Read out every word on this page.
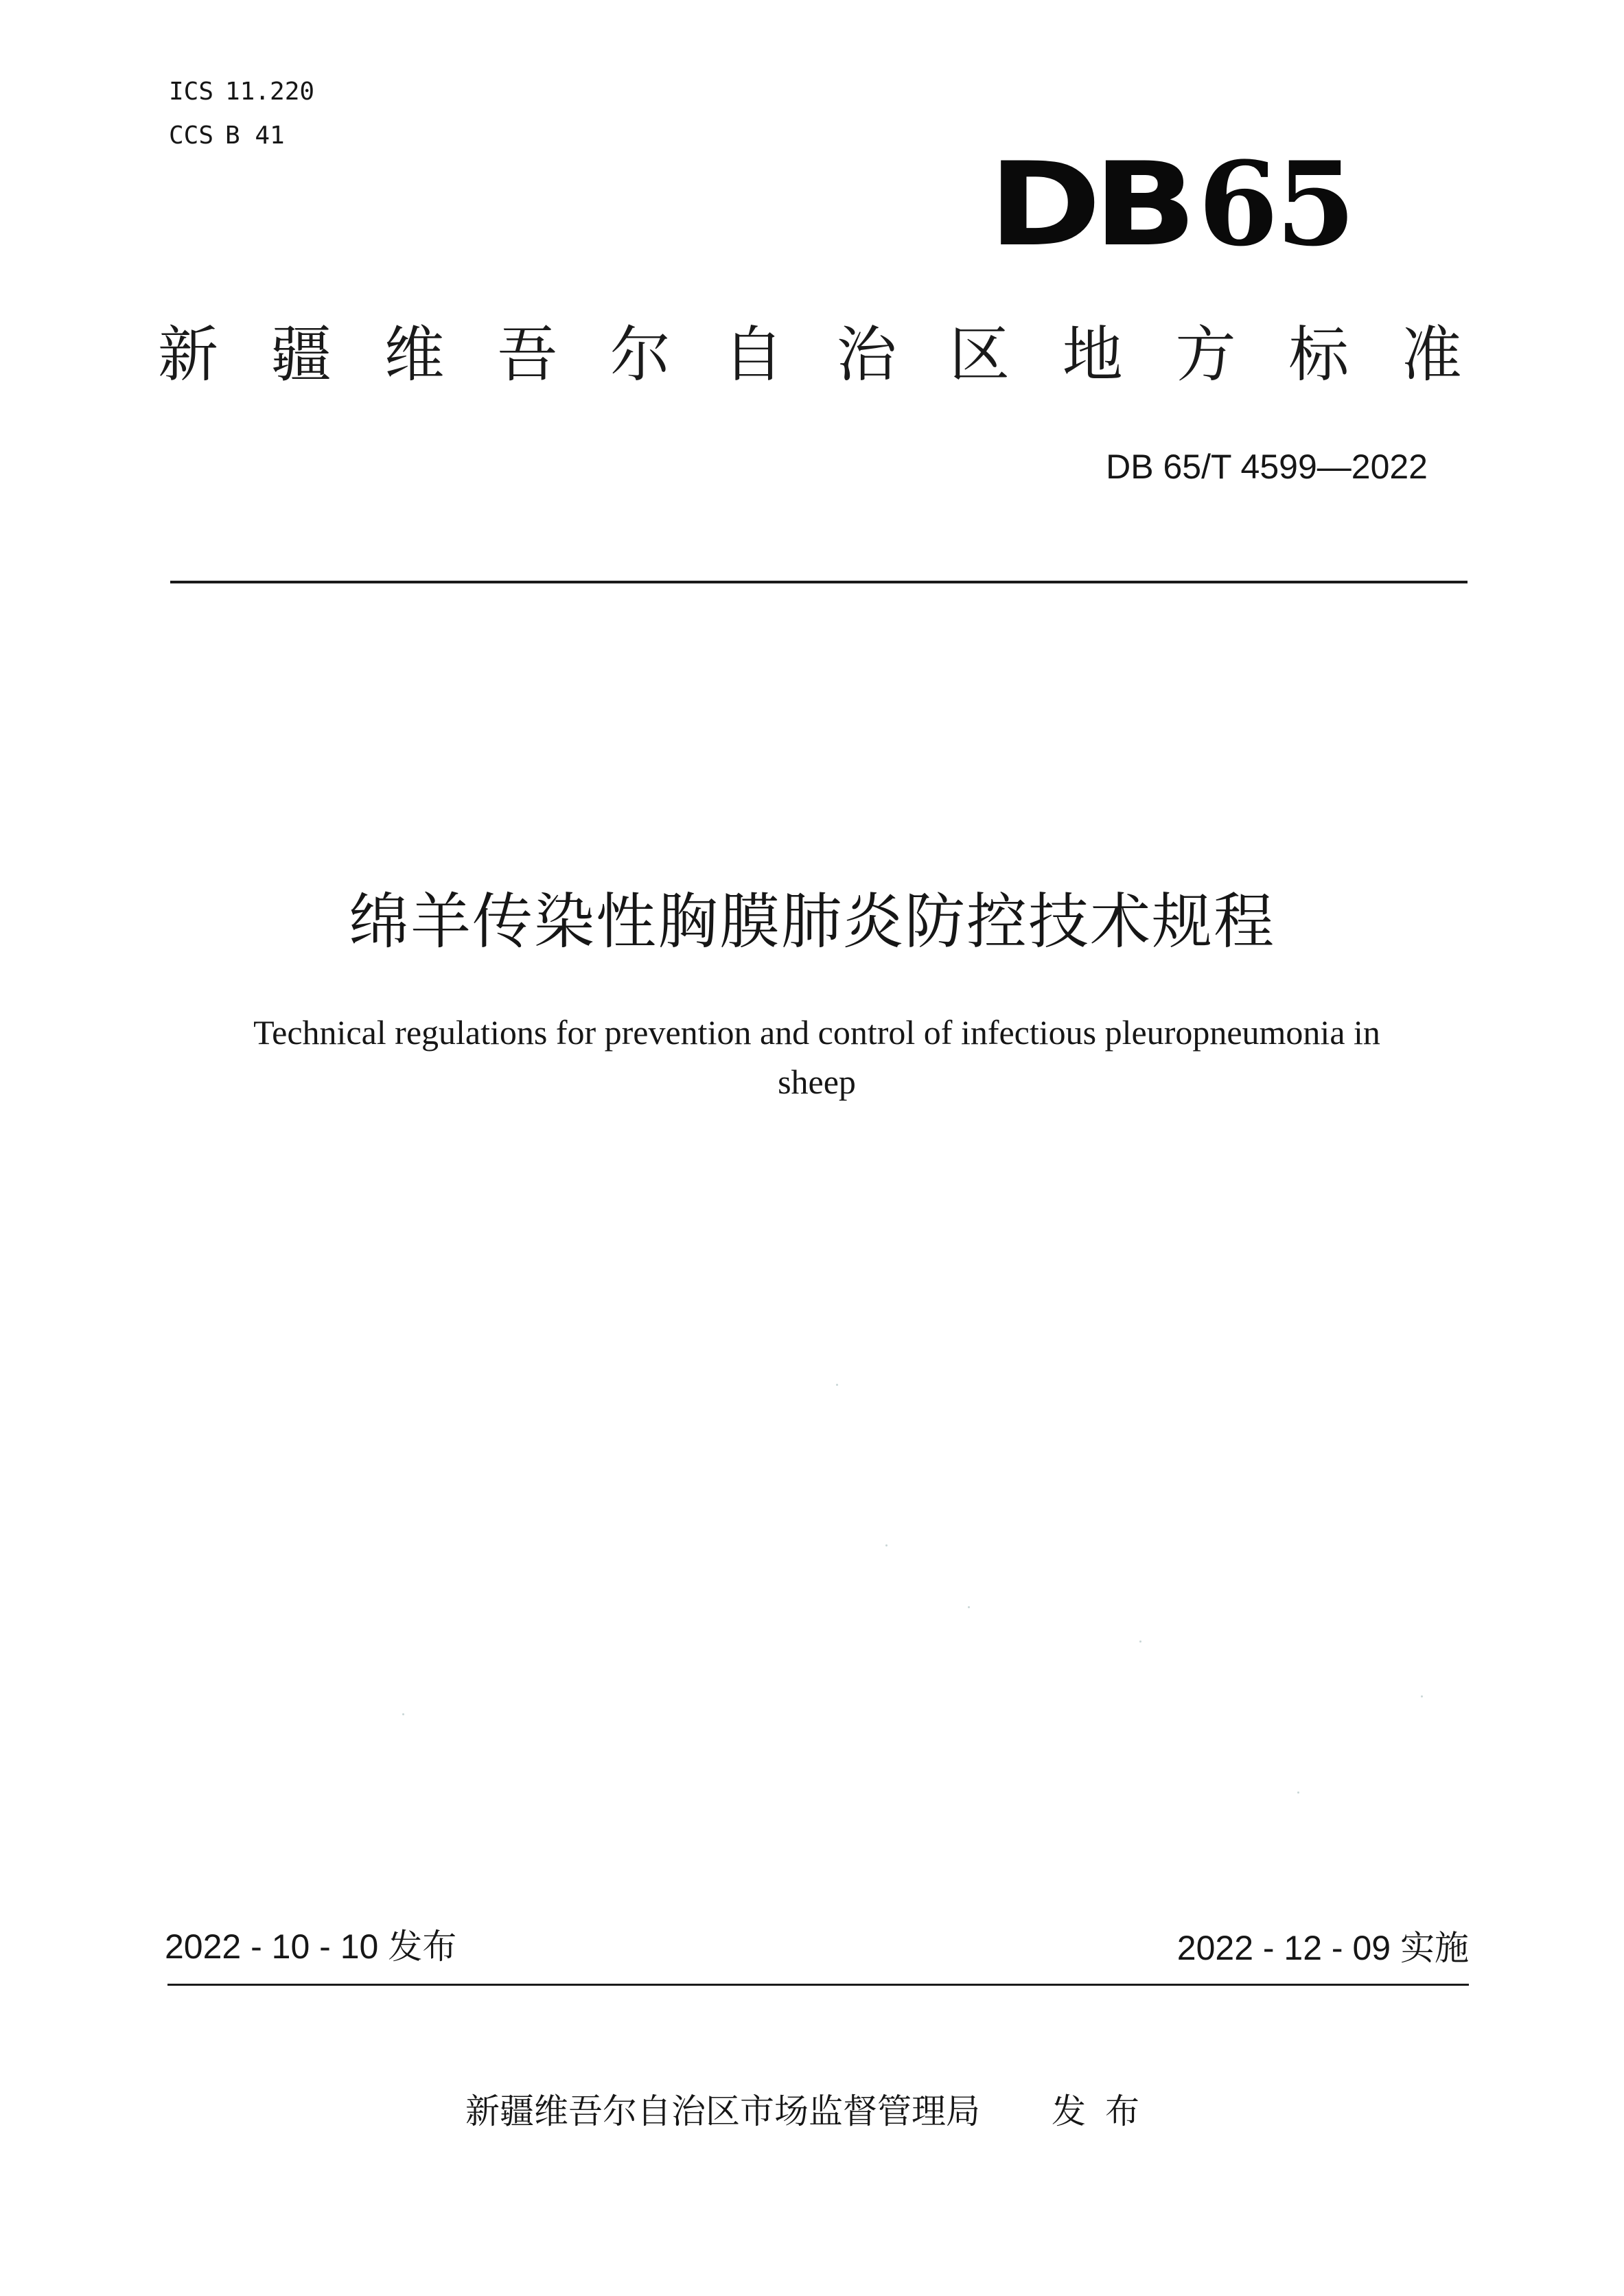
ICS 11.220
CCS B 41
DB65
新 疆 维 吾 尔 自 治 区 地 方 标 准
DB 65/T 4599—2022
绵羊传染性胸膜肺炎防控技术规程
Technical regulations for prevention and control of infectious pleuropneumonia in
sheep
2022 - 10 - 10 发布	2022 - 12 - 09 实施
新疆维吾尔自治区市场监督管理局 发布
